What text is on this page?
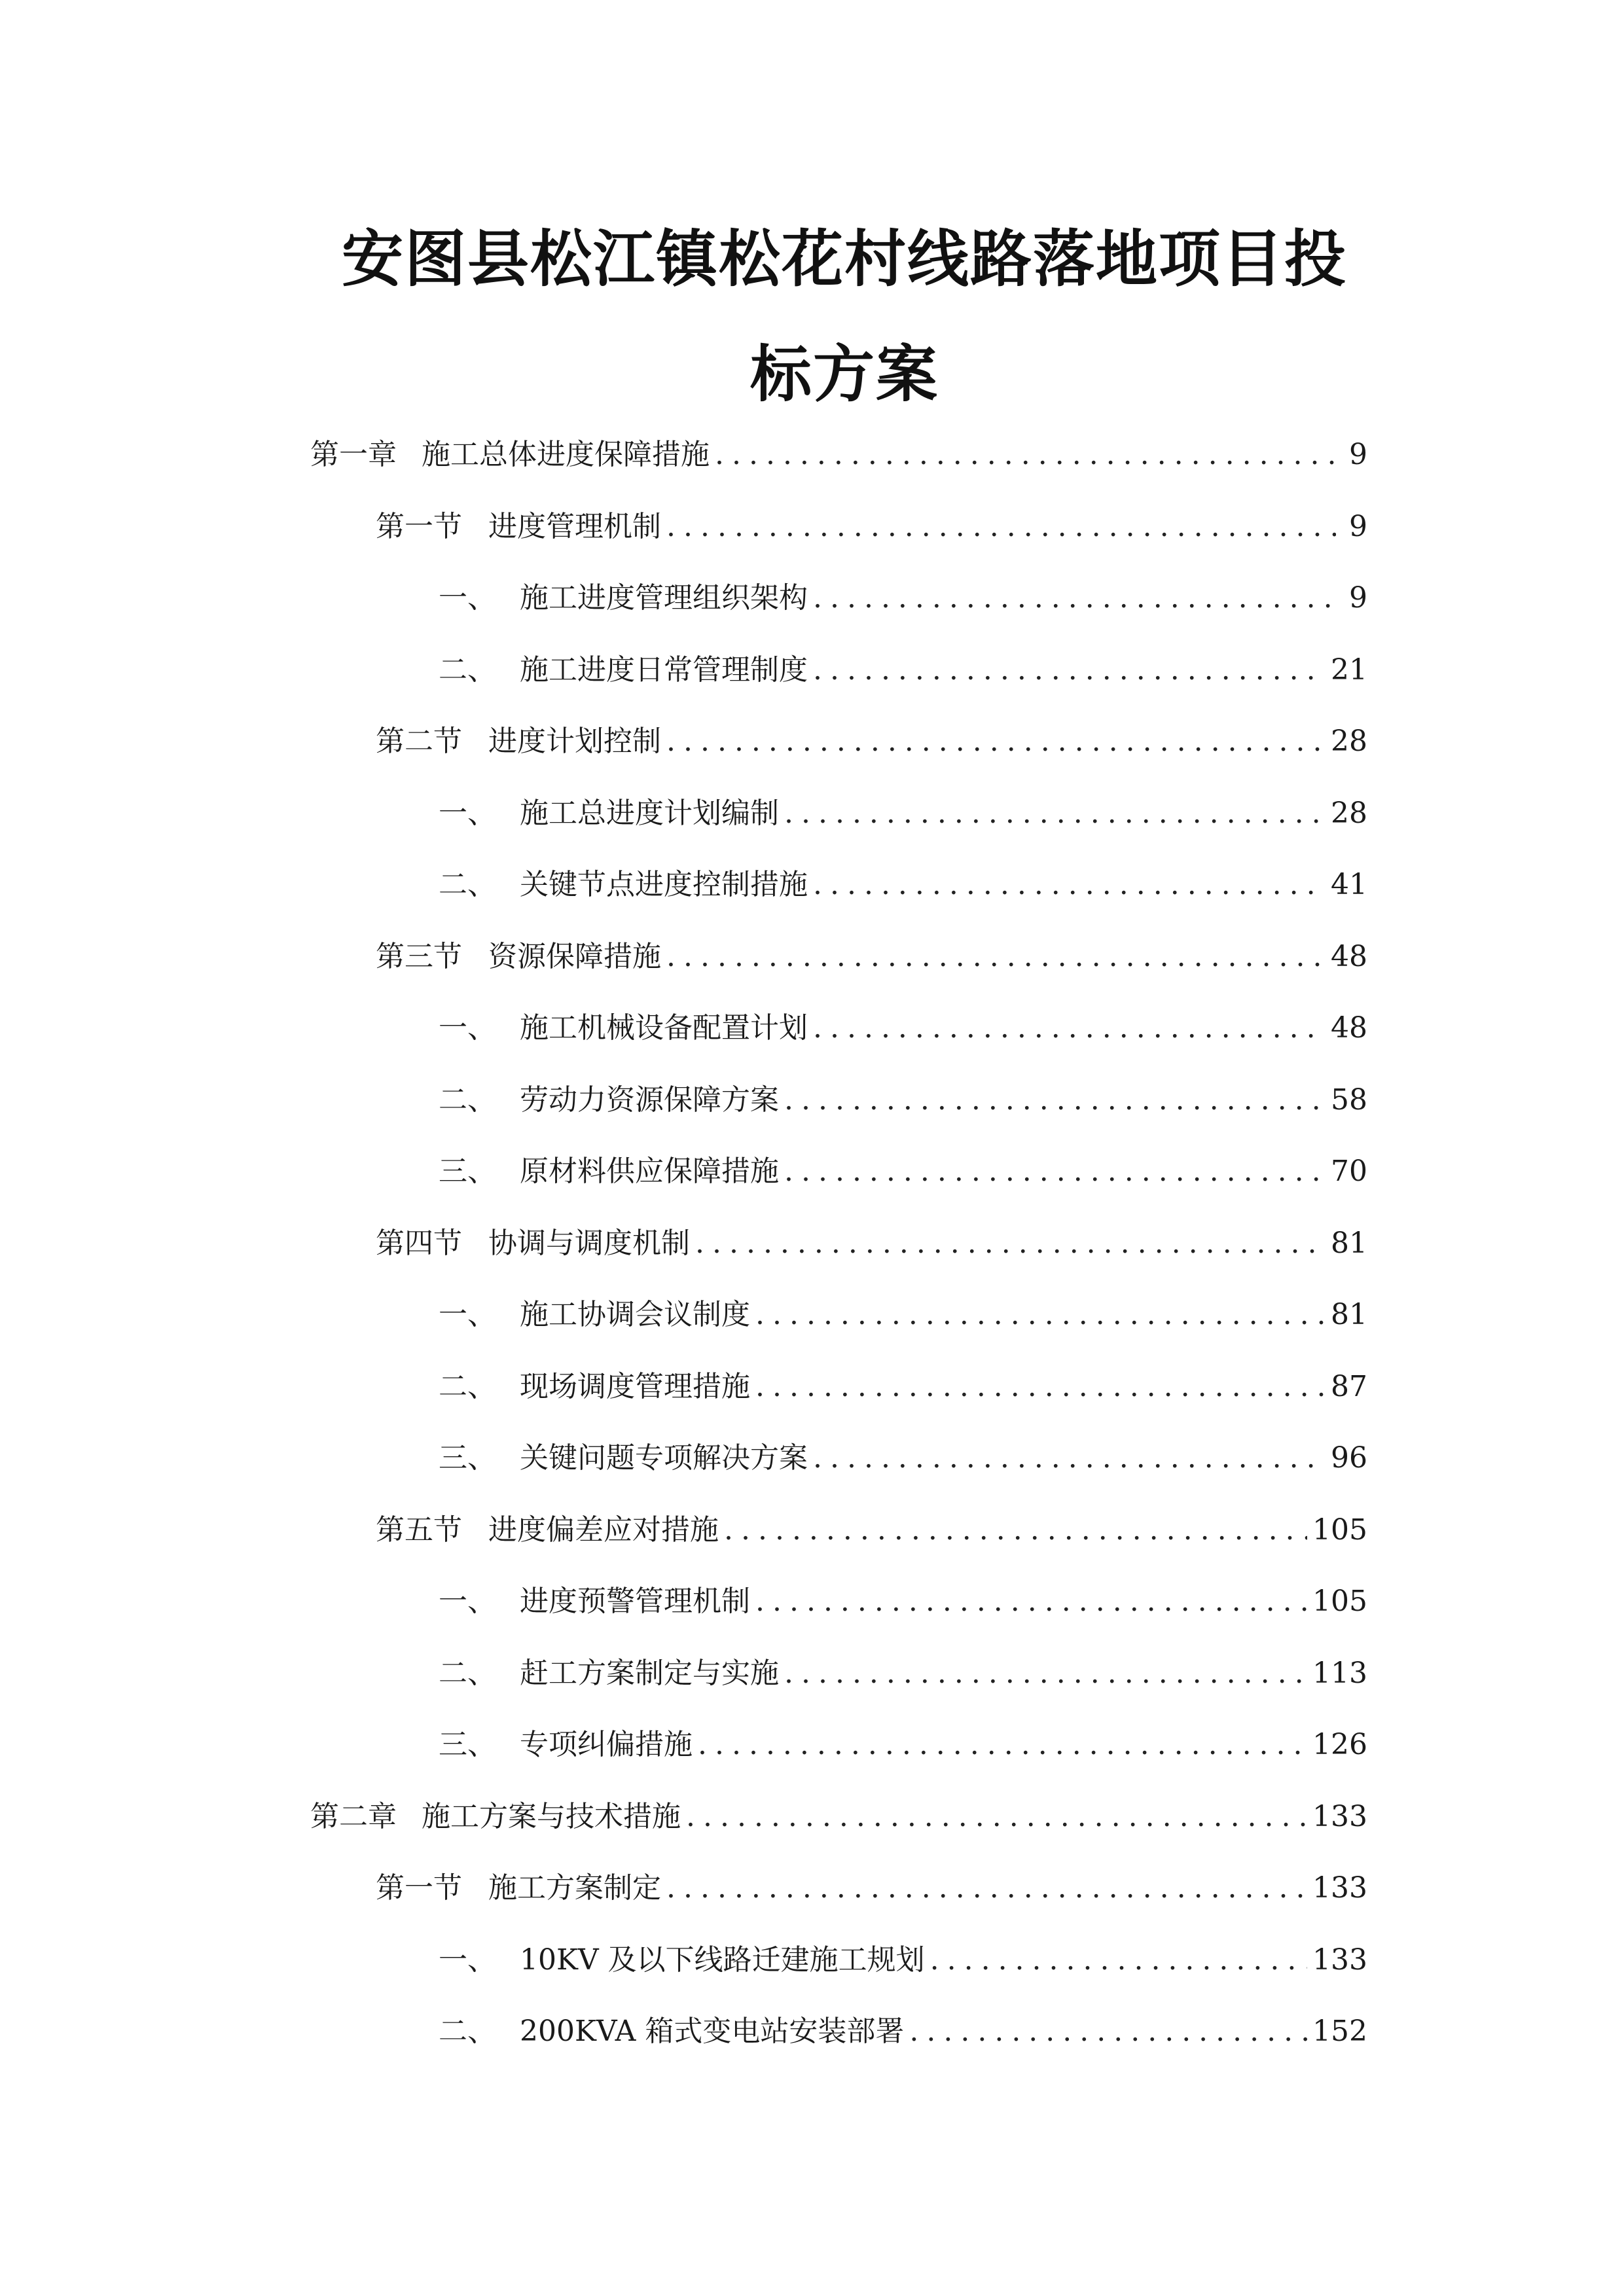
安图县松江镇松花村线路落地项目投
标方案
第一章 施工总体进度保障措施 .....	9
第一节 进度管理机制 .....	9
一、 施工进度管理组织架构 .....	9
二、 施工进度日常管理制度 .....	21
第二节 进度计划控制 .....	28
一、 施工总进度计划编制 .....	28
二、 关键节点进度控制措施 .....	41
第三节 资源保障措施 .....	48
一、 施工机械设备配置计划 .....	48
二、 劳动力资源保障方案 .....	58
三、 原材料供应保障措施 .....	70
第四节 协调与调度机制 .....	81
一、 施工协调会议制度 .....	81
二、 现场调度管理措施 .....	87
三、 关键问题专项解决方案 .....	96
第五节 进度偏差应对措施 .....	105
一、 进度预警管理机制 .....	105
二、 赶工方案制定与实施 .....	113
三、 专项纠偏措施 .....	126
第二章 施工方案与技术措施 .....	133
第一节 施工方案制定 .....	133
一、 10KV 及以下线路迁建施工规划 .....	133
二、 200KVA 箱式变电站安装部署 .....	152
